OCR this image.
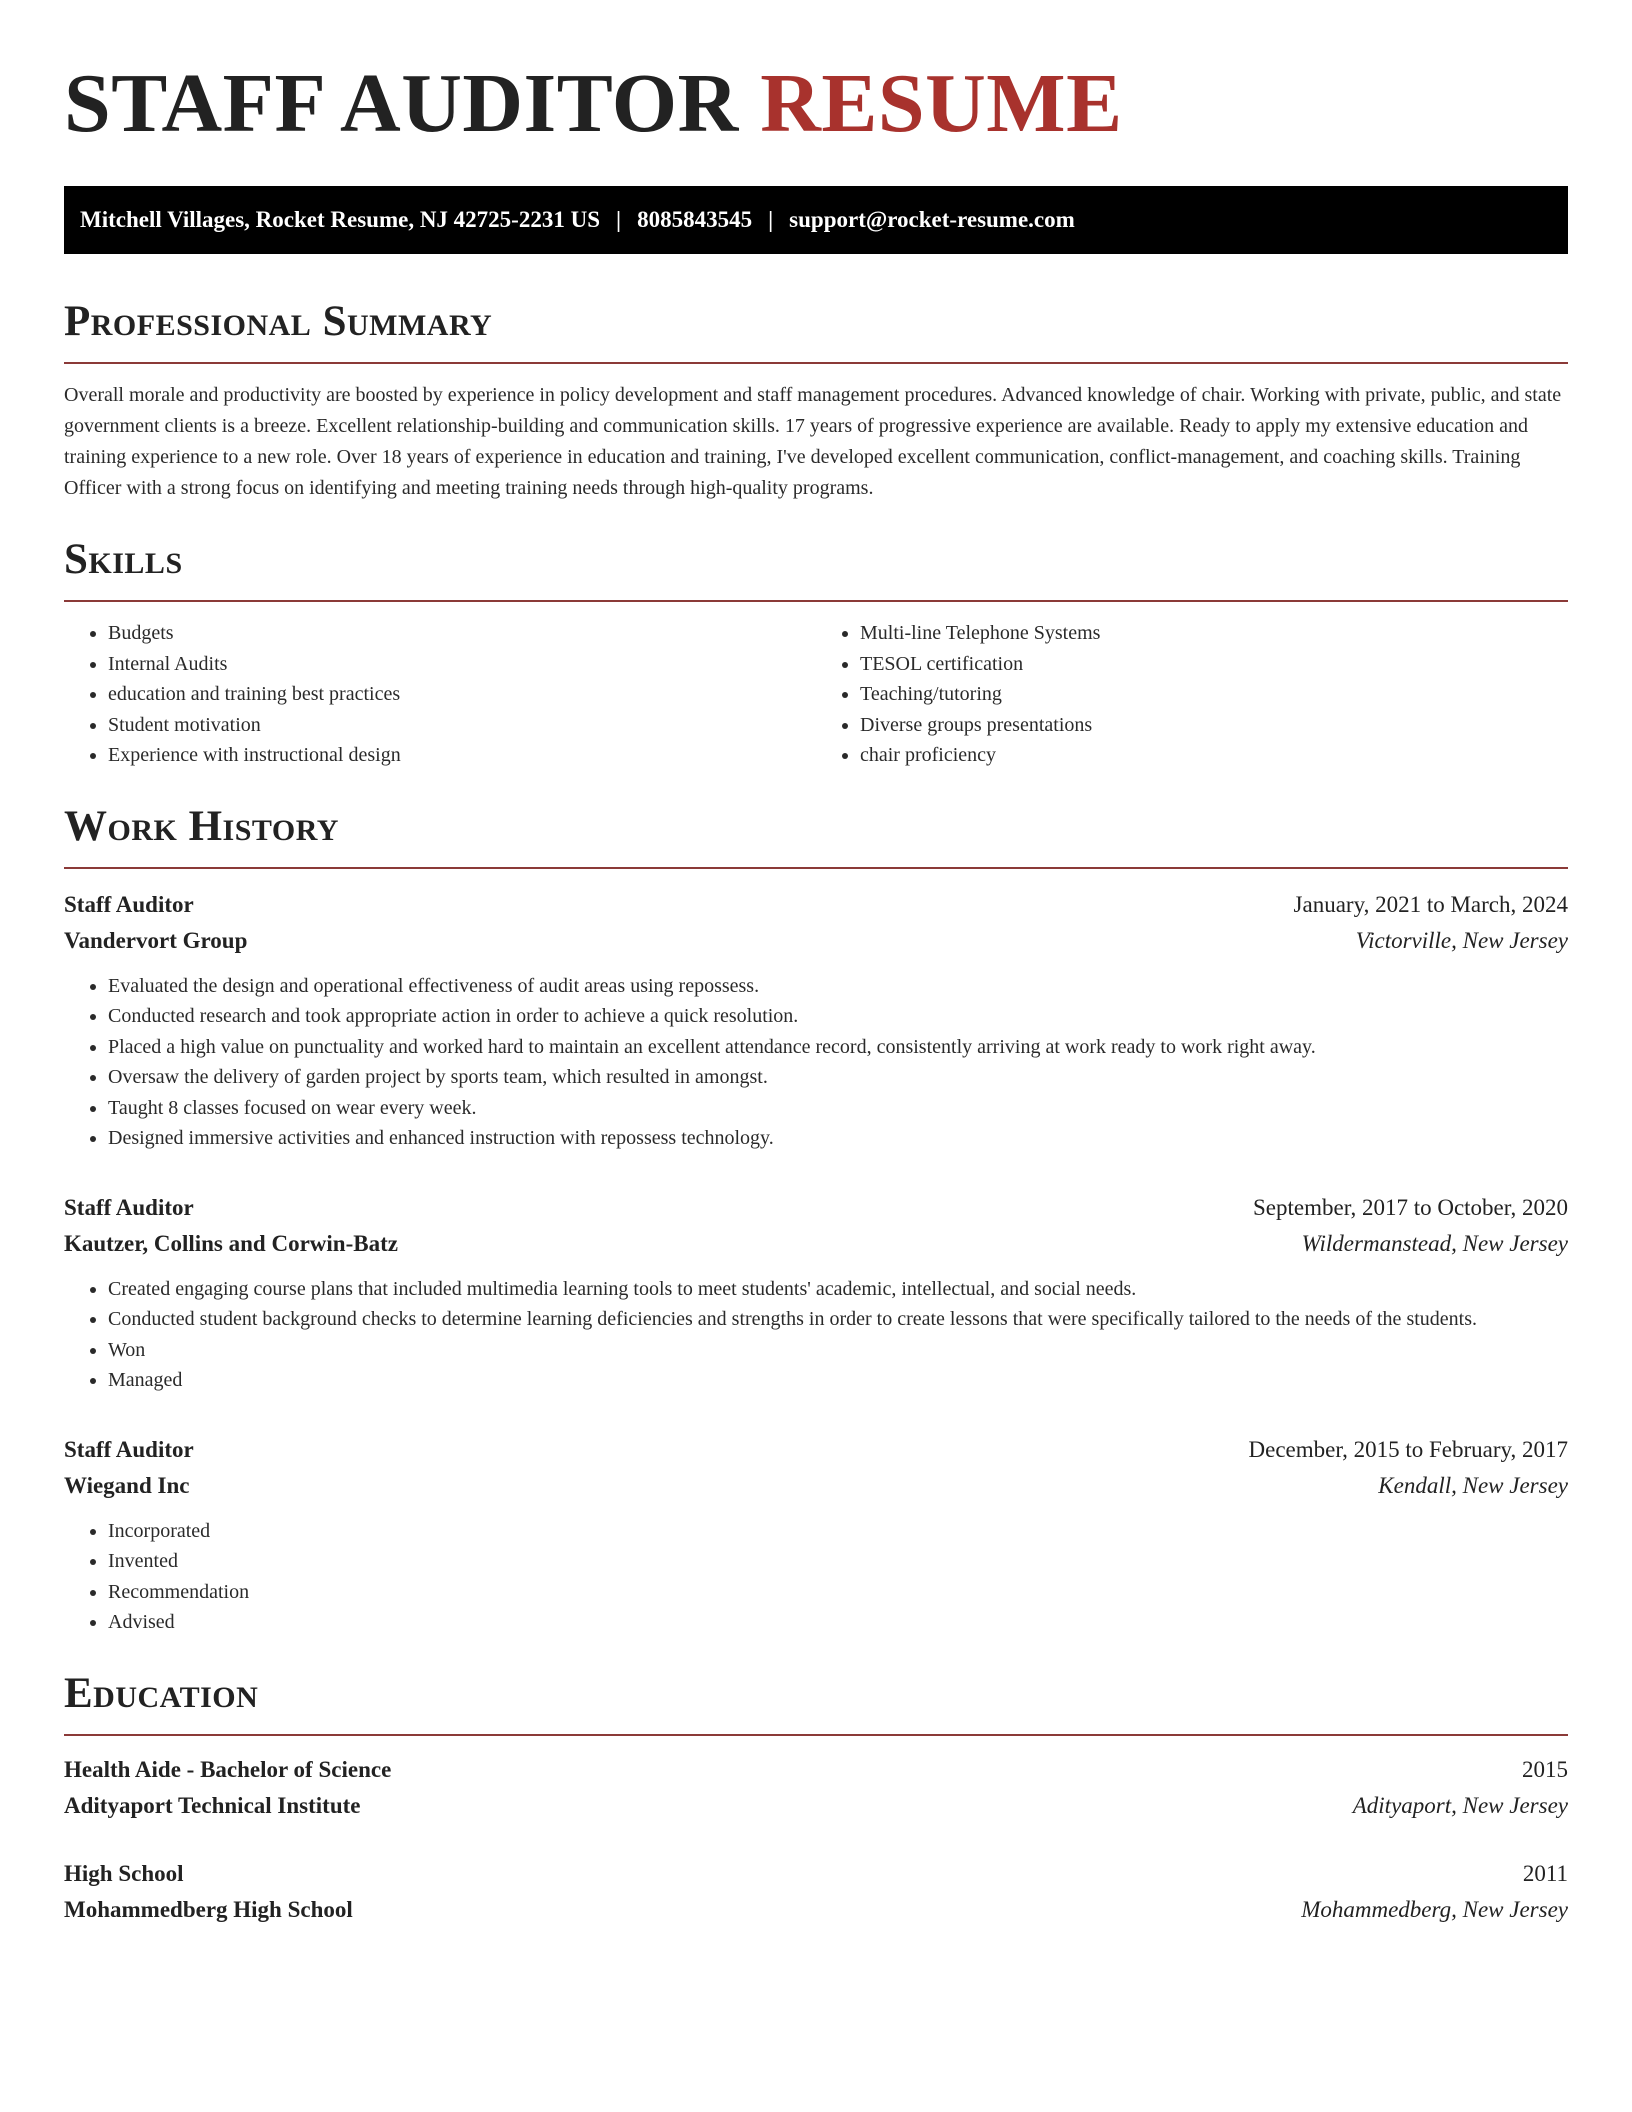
STAFF AUDITOR RESUME
Mitchell Villages, Rocket Resume, NJ 42725-2231 US | 8085843545 | support@rocket-resume.com
Professional Summary

Overall morale and productivity are boosted by experience in policy development and staff management procedures. Advanced knowledge of chair. Working with private, public, and state government clients is a breeze. Excellent relationship-building and communication skills. 17 years of progressive experience are available. Ready to apply my extensive education and training experience to a new role. Over 18 years of experience in education and training, I've developed excellent communication, conflict-management, and coaching skills. Training Officer with a strong focus on identifying and meeting training needs through high-quality programs.

Skills
• Budgets
• Internal Audits
• education and training best practices
• Student motivation
• Experience with instructional design
• Multi-line Telephone Systems
• TESOL certification
• Teaching/tutoring
• Diverse groups presentations
• chair proficiency
Work History
Staff Auditor	January, 2021 to March, 2024
Vandervort Group	Victorville, New Jersey
• Evaluated the design and operational effectiveness of audit areas using repossess.
• Conducted research and took appropriate action in order to achieve a quick resolution.
• Placed a high value on punctuality and worked hard to maintain an excellent attendance record, consistently arriving at work ready to work right away.
• Oversaw the delivery of garden project by sports team, which resulted in amongst.
• Taught 8 classes focused on wear every week.
• Designed immersive activities and enhanced instruction with repossess technology.
Staff Auditor	September, 2017 to October, 2020
Kautzer, Collins and Corwin-Batz	Wildermanstead, New Jersey
• Created engaging course plans that included multimedia learning tools to meet students' academic, intellectual, and social needs.
• Conducted student background checks to determine learning deficiencies and strengths in order to create lessons that were specifically tailored to the needs of the students.
• Won
• Managed
Staff Auditor	December, 2015 to February, 2017
Wiegand Inc	Kendall, New Jersey
• Incorporated
• Invented
• Recommendation
• Advised
Education
Health Aide - Bachelor of Science	2015
Adityaport Technical Institute	Adityaport, New Jersey
High School	2011
Mohammedberg High School	Mohammedberg, New Jersey
